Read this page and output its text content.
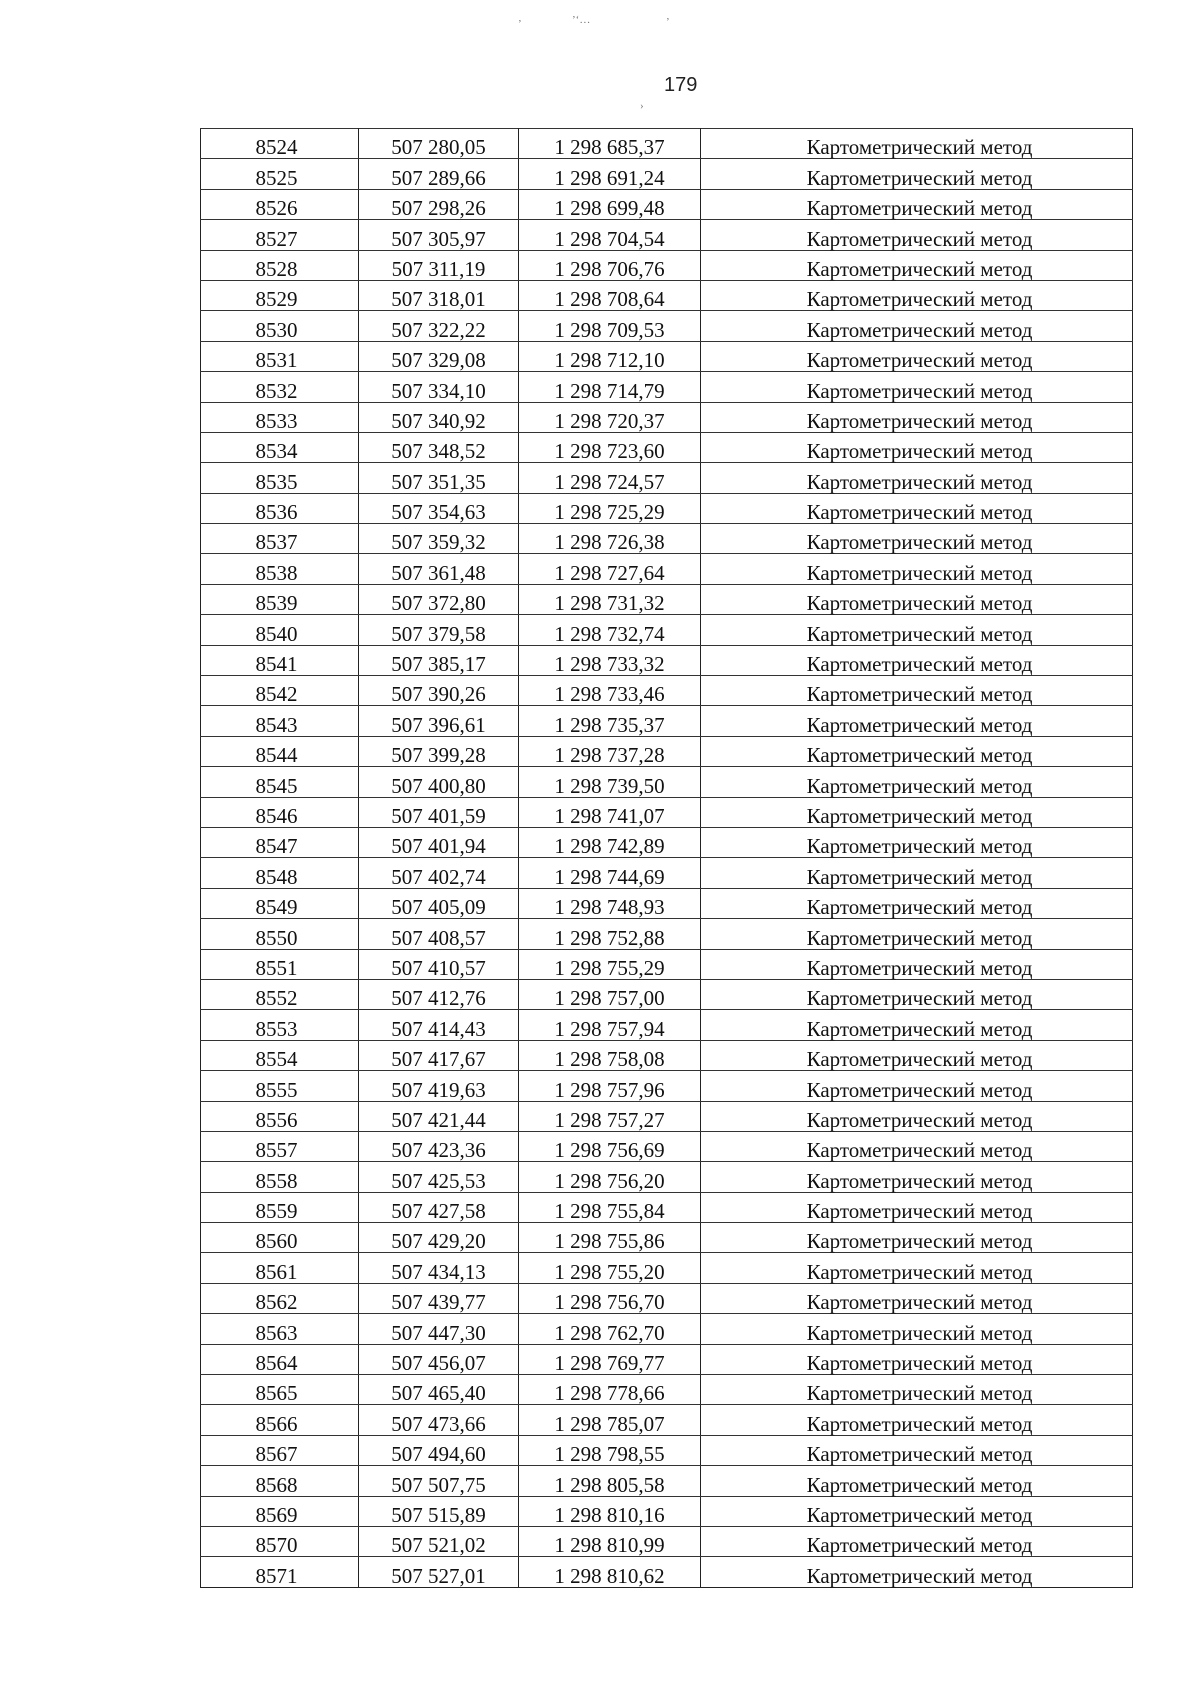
’	’‘…	’
›
179
8524	507 280,05	1 298 685,37	Картометрический метод
8525	507 289,66	1 298 691,24	Картометрический метод
8526	507 298,26	1 298 699,48	Картометрический метод
8527	507 305,97	1 298 704,54	Картометрический метод
8528	507 311,19	1 298 706,76	Картометрический метод
8529	507 318,01	1 298 708,64	Картометрический метод
8530	507 322,22	1 298 709,53	Картометрический метод
8531	507 329,08	1 298 712,10	Картометрический метод
8532	507 334,10	1 298 714,79	Картометрический метод
8533	507 340,92	1 298 720,37	Картометрический метод
8534	507 348,52	1 298 723,60	Картометрический метод
8535	507 351,35	1 298 724,57	Картометрический метод
8536	507 354,63	1 298 725,29	Картометрический метод
8537	507 359,32	1 298 726,38	Картометрический метод
8538	507 361,48	1 298 727,64	Картометрический метод
8539	507 372,80	1 298 731,32	Картометрический метод
8540	507 379,58	1 298 732,74	Картометрический метод
8541	507 385,17	1 298 733,32	Картометрический метод
8542	507 390,26	1 298 733,46	Картометрический метод
8543	507 396,61	1 298 735,37	Картометрический метод
8544	507 399,28	1 298 737,28	Картометрический метод
8545	507 400,80	1 298 739,50	Картометрический метод
8546	507 401,59	1 298 741,07	Картометрический метод
8547	507 401,94	1 298 742,89	Картометрический метод
8548	507 402,74	1 298 744,69	Картометрический метод
8549	507 405,09	1 298 748,93	Картометрический метод
8550	507 408,57	1 298 752,88	Картометрический метод
8551	507 410,57	1 298 755,29	Картометрический метод
8552	507 412,76	1 298 757,00	Картометрический метод
8553	507 414,43	1 298 757,94	Картометрический метод
8554	507 417,67	1 298 758,08	Картометрический метод
8555	507 419,63	1 298 757,96	Картометрический метод
8556	507 421,44	1 298 757,27	Картометрический метод
8557	507 423,36	1 298 756,69	Картометрический метод
8558	507 425,53	1 298 756,20	Картометрический метод
8559	507 427,58	1 298 755,84	Картометрический метод
8560	507 429,20	1 298 755,86	Картометрический метод
8561	507 434,13	1 298 755,20	Картометрический метод
8562	507 439,77	1 298 756,70	Картометрический метод
8563	507 447,30	1 298 762,70	Картометрический метод
8564	507 456,07	1 298 769,77	Картометрический метод
8565	507 465,40	1 298 778,66	Картометрический метод
8566	507 473,66	1 298 785,07	Картометрический метод
8567	507 494,60	1 298 798,55	Картометрический метод
8568	507 507,75	1 298 805,58	Картометрический метод
8569	507 515,89	1 298 810,16	Картометрический метод
8570	507 521,02	1 298 810,99	Картометрический метод
8571	507 527,01	1 298 810,62	Картометрический метод
